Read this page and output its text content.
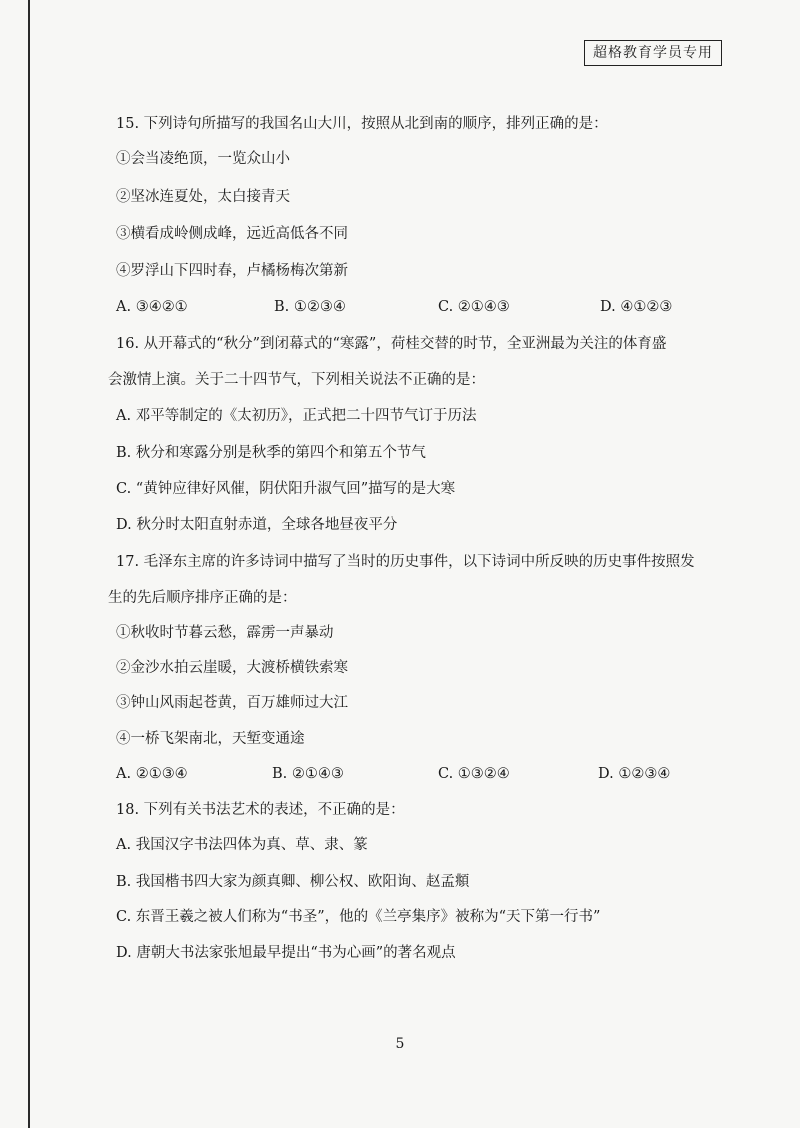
超格教育学员专用
15. 下列诗句所描写的我国名山大川，按照从北到南的顺序，排列正确的是：
①会当凌绝顶，一览众山小
②坚冰连夏处，太白接青天
③横看成岭侧成峰，远近高低各不同
④罗浮山下四时春，卢橘杨梅次第新
A. ③④②①	B. ①②③④	C. ②①④③	D. ④①②③
16. 从开幕式的“秋分”到闭幕式的“寒露”，荷桂交替的时节，全亚洲最为关注的体育盛
会激情上演。关于二十四节气，下列相关说法不正确的是：
A. 邓平等制定的《太初历》，正式把二十四节气订于历法
B. 秋分和寒露分别是秋季的第四个和第五个节气
C. “黄钟应律好风催，阴伏阳升淑气回”描写的是大寒
D. 秋分时太阳直射赤道，全球各地昼夜平分
17. 毛泽东主席的许多诗词中描写了当时的历史事件，以下诗词中所反映的历史事件按照发
生的先后顺序排序正确的是：
①秋收时节暮云愁，霹雳一声暴动
②金沙水拍云崖暖，大渡桥横铁索寒
③钟山风雨起苍黄，百万雄师过大江
④一桥飞架南北，天堑变通途
A. ②①③④	B. ②①④③	C. ①③②④	D. ①②③④
18. 下列有关书法艺术的表述，不正确的是：
A. 我国汉字书法四体为真、草、隶、篆
B. 我国楷书四大家为颜真卿、柳公权、欧阳询、赵孟頫
C. 东晋王羲之被人们称为“书圣”，他的《兰亭集序》被称为“天下第一行书”
D. 唐朝大书法家张旭最早提出“书为心画”的著名观点
5
